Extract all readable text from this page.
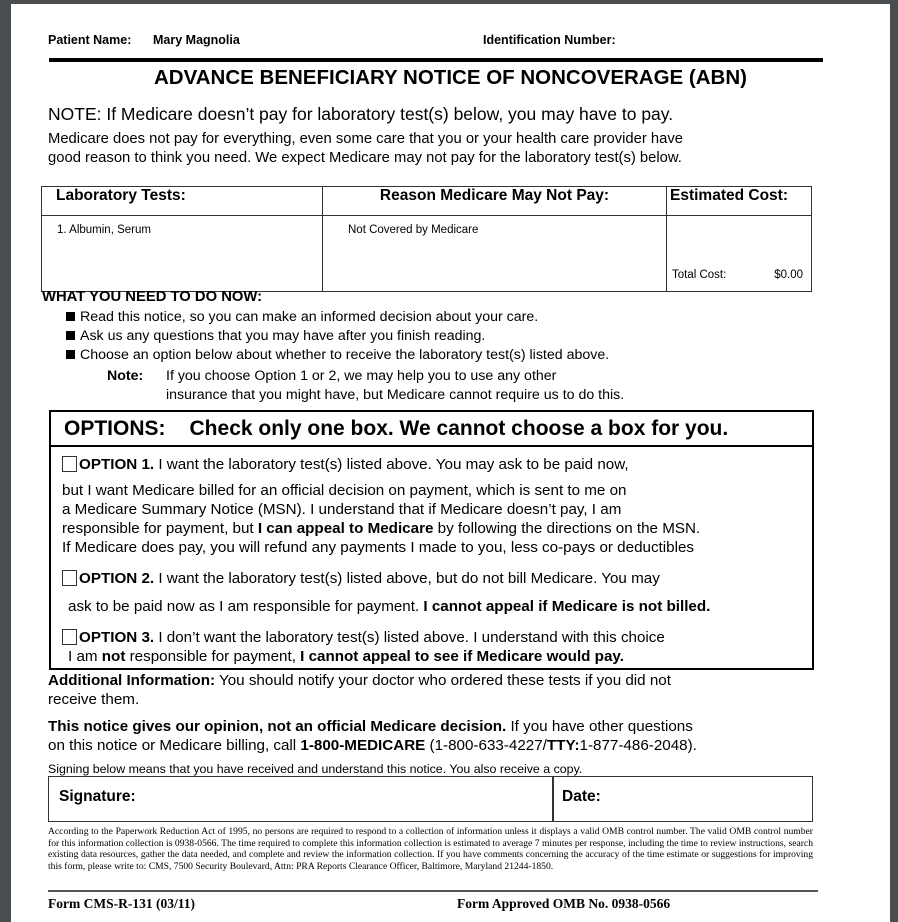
Patient Name: Mary Magnolia	Identification Number:
ADVANCE BENEFICIARY NOTICE OF NONCOVERAGE (ABN)
NOTE: If Medicare doesn’t pay for laboratory test(s) below, you may have to pay.
Medicare does not pay for everything, even some care that you or your health care provider have
good reason to think you need. We expect Medicare may not pay for the laboratory test(s) below.
Laboratory Tests:	Reason Medicare May Not Pay:	Estimated Cost:
1. Albumin, Serum	Not Covered by Medicare	Total Cost: $0.00
WHAT YOU NEED TO DO NOW:
Read this notice, so you can make an informed decision about your care.
Ask us any questions that you may have after you finish reading.
Choose an option below about whether to receive the laboratory test(s) listed above.
Note: If you choose Option 1 or 2, we may help you to use any other
insurance that you might have, but Medicare cannot require us to do this.
OPTIONS: Check only one box. We cannot choose a box for you.
OPTION 1. I want the laboratory test(s) listed above. You may ask to be paid now,
but I want Medicare billed for an official decision on payment, which is sent to me on
a Medicare Summary Notice (MSN). I understand that if Medicare doesn’t pay, I am
responsible for payment, but I can appeal to Medicare by following the directions on the MSN.
If Medicare does pay, you will refund any payments I made to you, less co-pays or deductibles
OPTION 2. I want the laboratory test(s) listed above, but do not bill Medicare. You may
ask to be paid now as I am responsible for payment. I cannot appeal if Medicare is not billed.
OPTION 3. I don’t want the laboratory test(s) listed above. I understand with this choice
I am not responsible for payment, I cannot appeal to see if Medicare would pay.
Additional Information: You should notify your doctor who ordered these tests if you did not
receive them.
This notice gives our opinion, not an official Medicare decision. If you have other questions
on this notice or Medicare billing, call 1-800-MEDICARE (1-800-633-4227/TTY:1-877-486-2048).
Signing below means that you have received and understand this notice. You also receive a copy.
Signature:	Date:
According to the Paperwork Reduction Act of 1995, no persons are required to respond to a collection of information unless it displays a valid OMB control number. The valid OMB control number for this information collection is 0938-0566. The time required to complete this information collection is estimated to average 7 minutes per response, including the time to review instructions, search existing data resources, gather the data needed, and complete and review the information collection. If you have comments concerning the accuracy of the time estimate or suggestions for improving this form, please write to: CMS, 7500 Security Boulevard, Attn: PRA Reports Clearance Officer, Baltimore, Maryland 21244-1850.
Form CMS-R-131 (03/11)	Form Approved OMB No. 0938-0566
